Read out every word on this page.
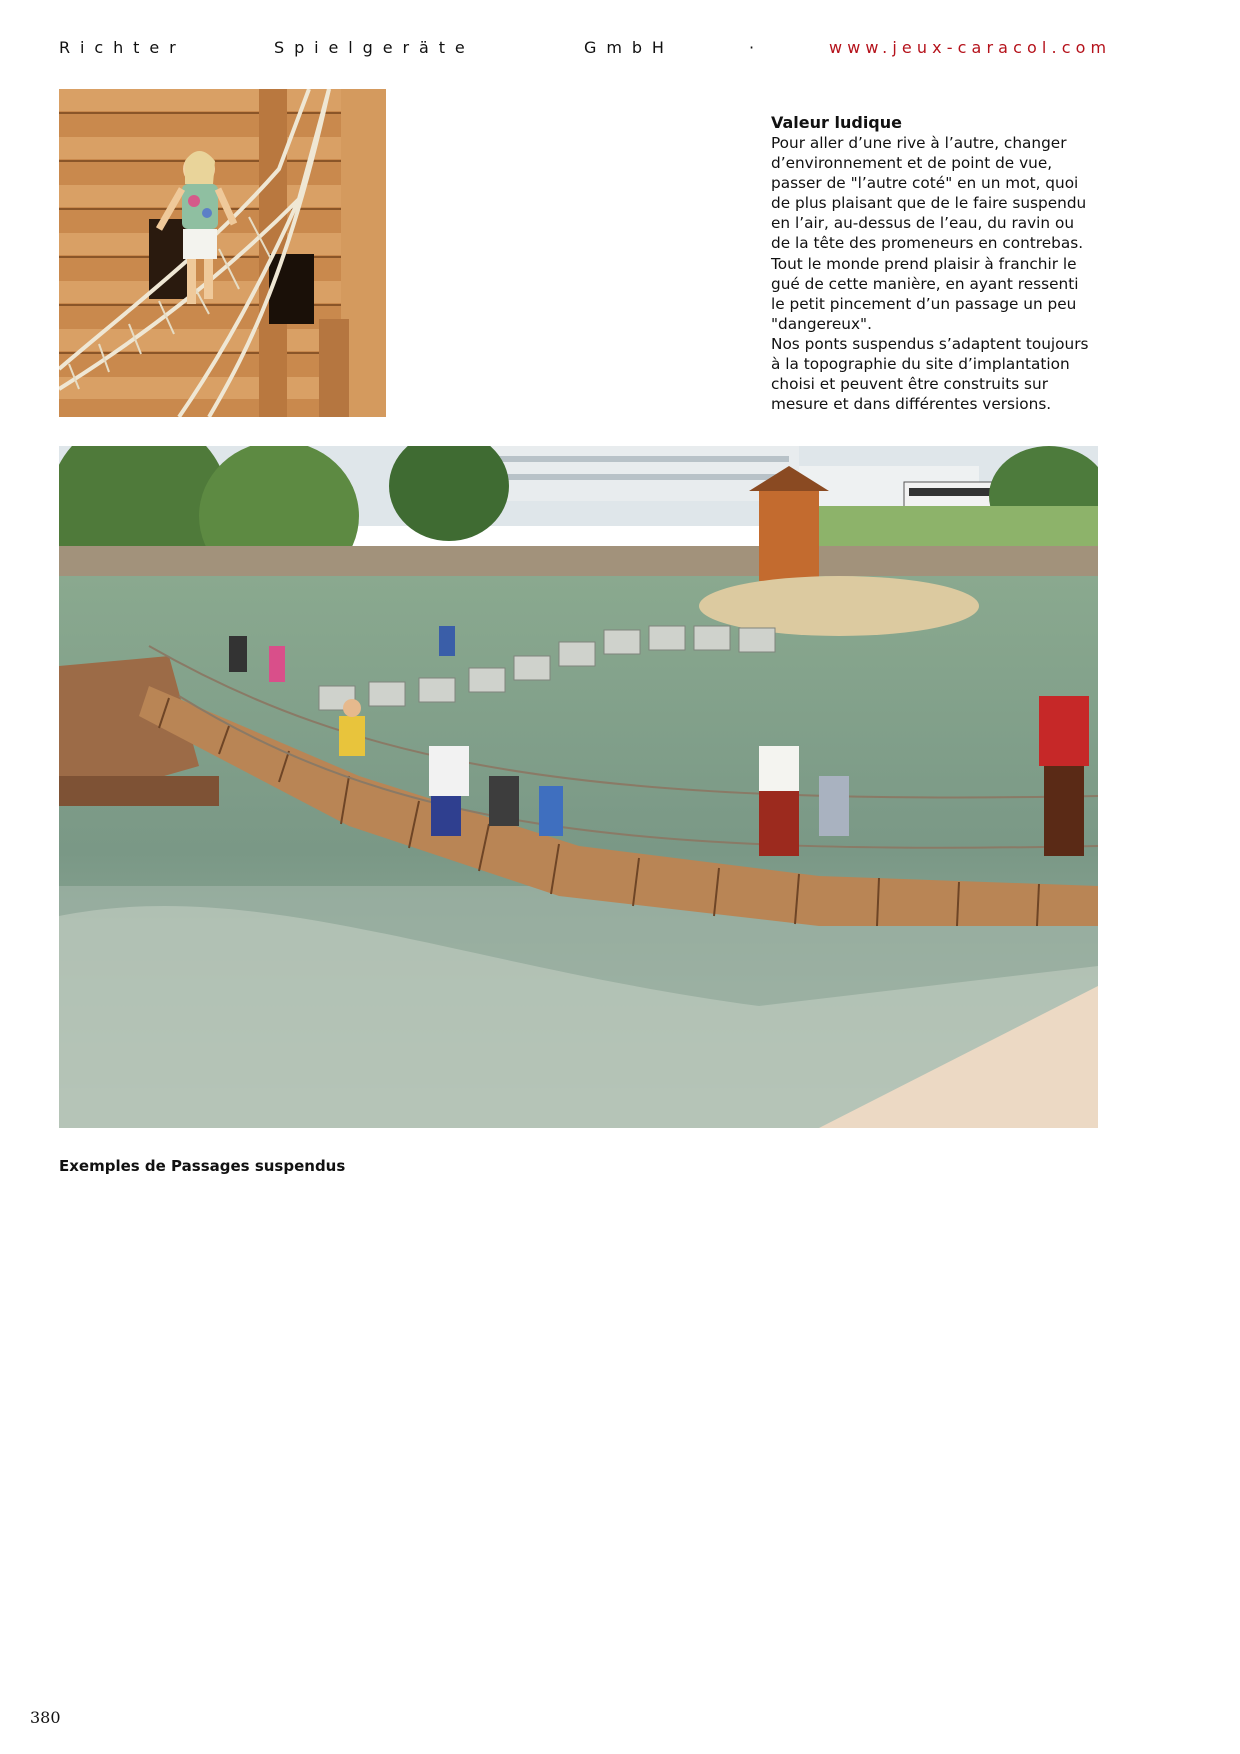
Richter	Spielgeräte	GmbH	·	www.jeux-caracol.com
Valeur ludique

Pour aller d’une rive à l’autre, changer
d’environnement et de point de vue,
passer de "l’autre coté" en un mot, quoi
de plus plaisant que de le faire suspendu
en l’air, au-dessus de l’eau, du ravin ou
de la tête des promeneurs en contrebas.
Tout le monde prend plaisir à franchir le
gué de cette manière, en ayant ressenti
le petit pincement d’un passage un peu
"dangereux".
Nos ponts suspendus s’adaptent toujours
à la topographie du site d’implantation
choisi et peuvent être construits sur
mesure et dans différentes versions.

Exemples de Passages suspendus
380
